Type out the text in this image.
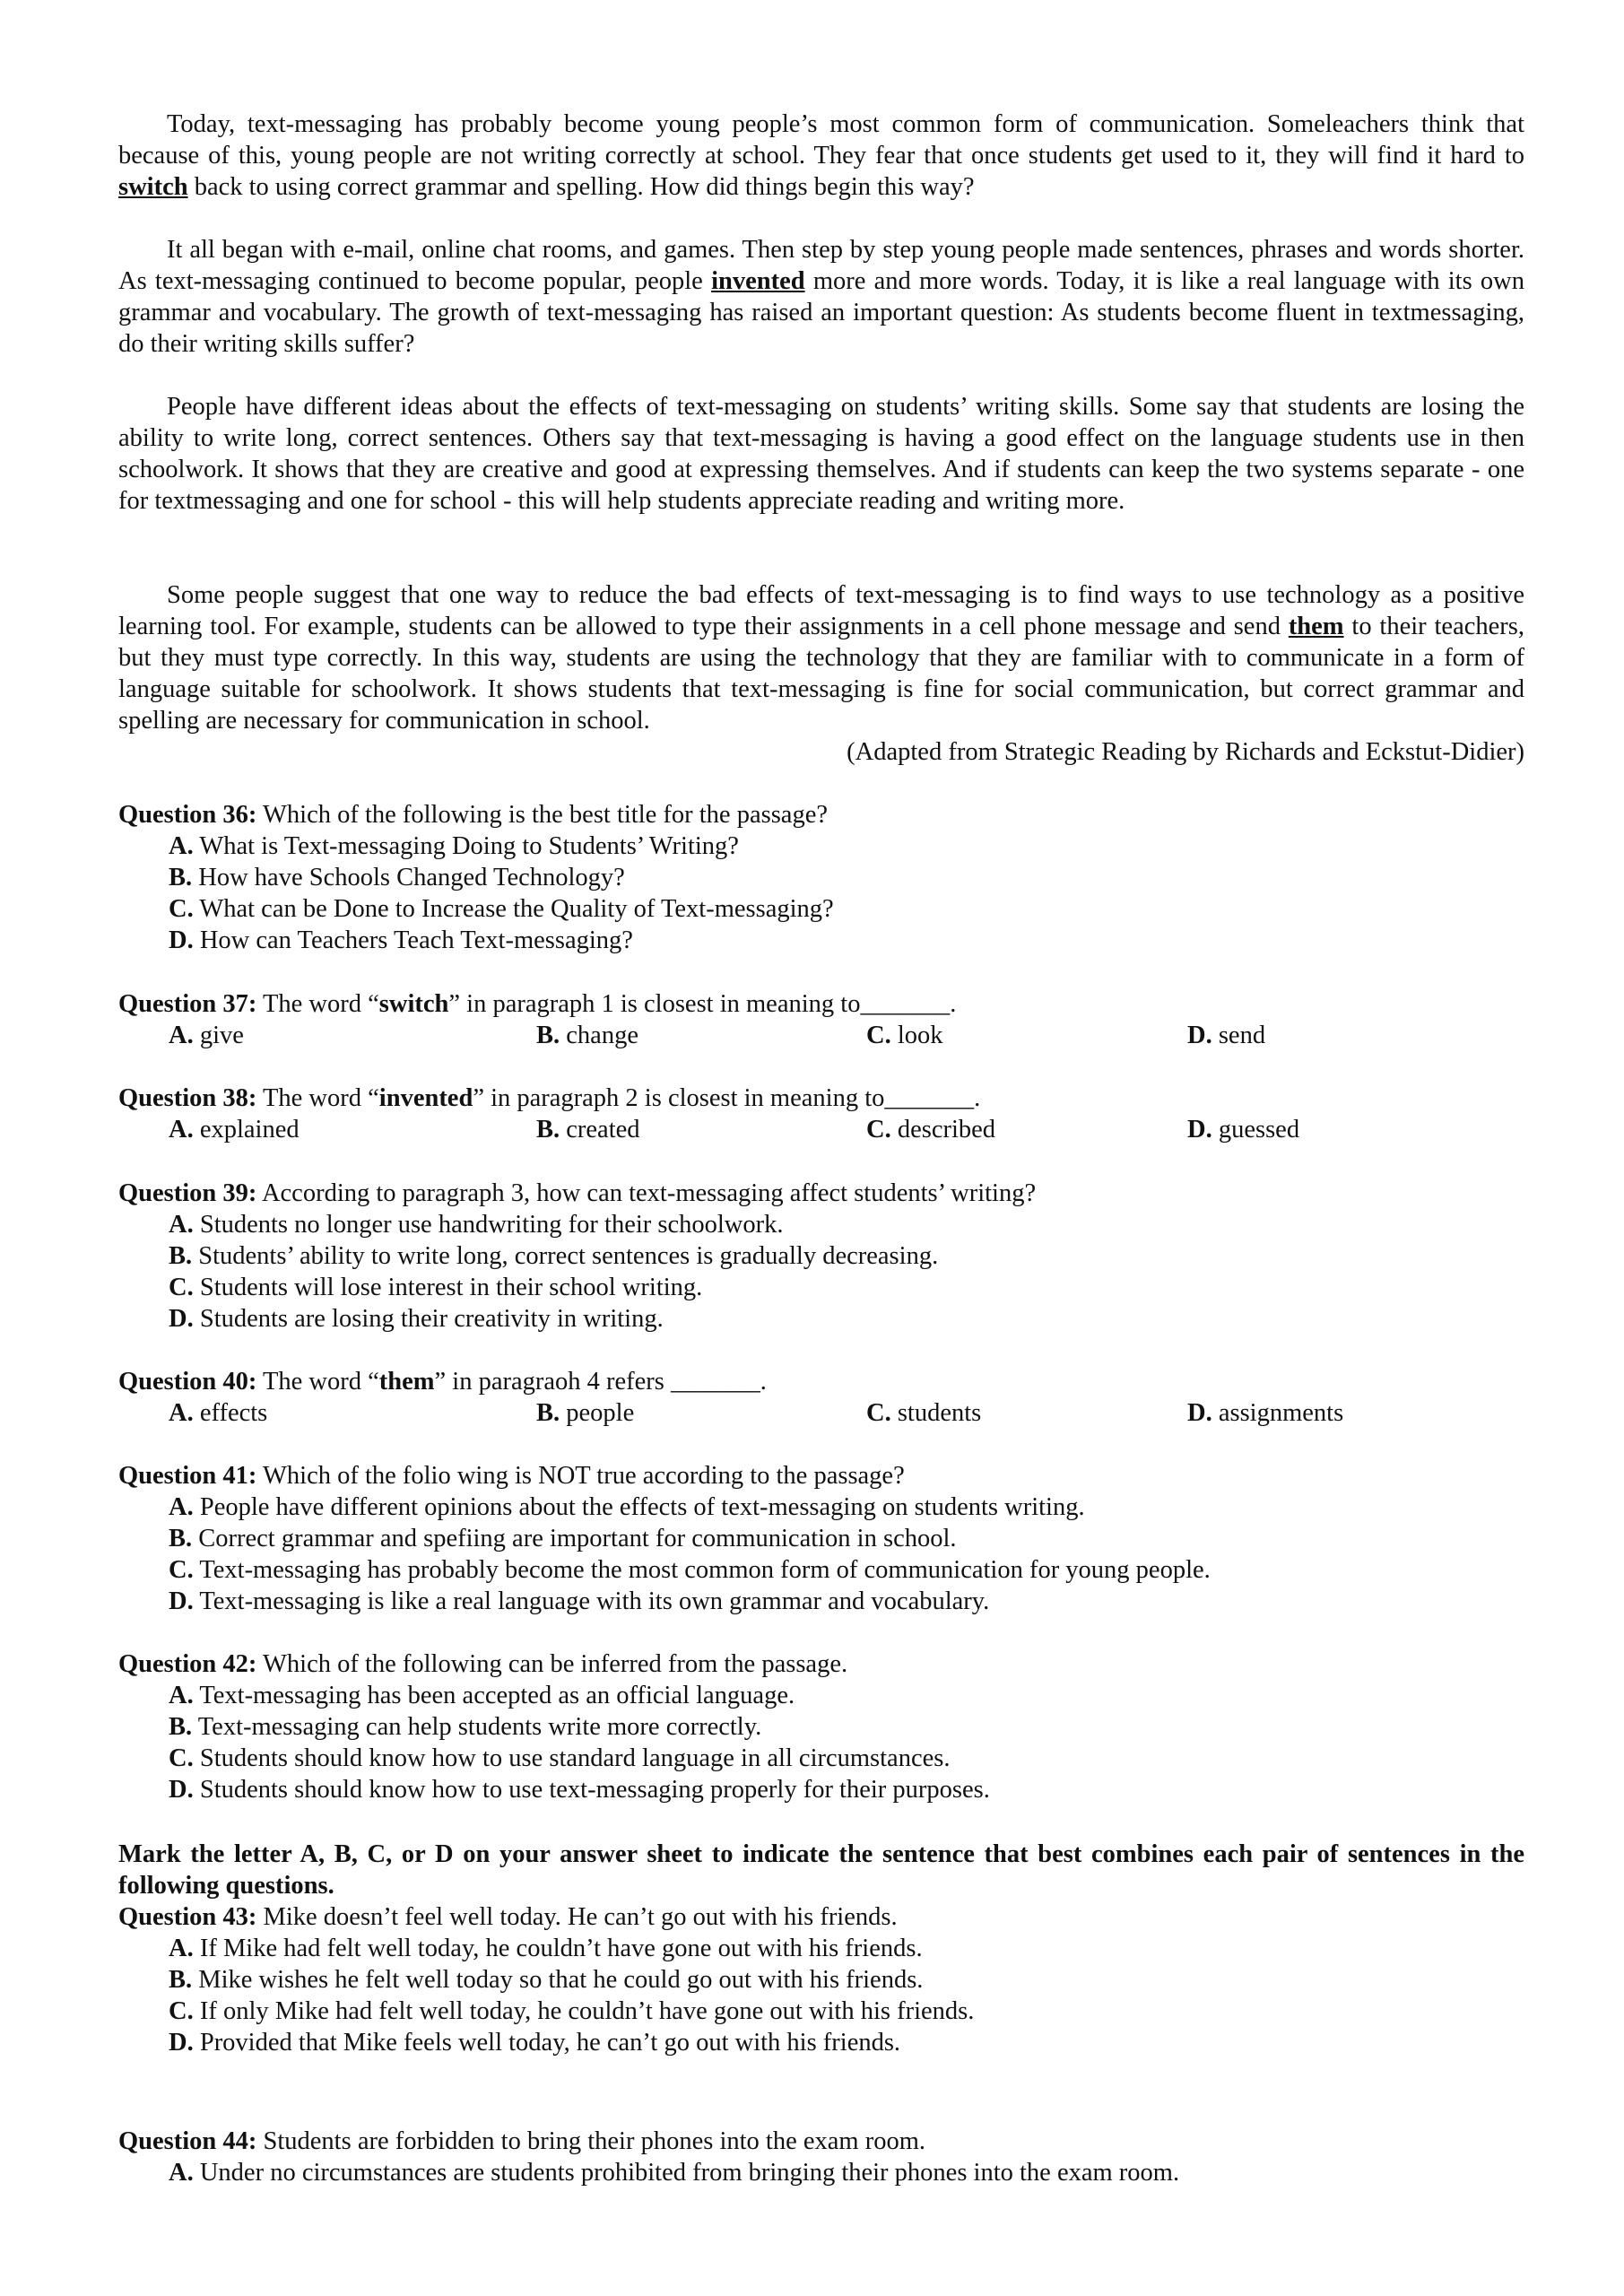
Today, text-messaging has probably become young people’s most common form of communication. Someleachers think that because of this, young people are not writing correctly at school. They fear that once students get used to it, they will find it hard to switch back to using correct grammar and spelling. How did things begin this way?

It all began with e-mail, online chat rooms, and games. Then step by step young people made sentences, phrases and words shorter. As text-messaging continued to become popular, people invented more and more words. Today, it is like a real language with its own grammar and vocabulary. The growth of text-messaging has raised an important question: As students become fluent in textmessaging, do their writing skills suffer?

People have different ideas about the effects of text-messaging on students’ writing skills. Some say that students are losing the ability to write long, correct sentences. Others say that text-messaging is having a good effect on the language students use in then schoolwork. It shows that they are creative and good at expressing themselves. And if students can keep the two systems separate - one for textmessaging and one for school - this will help students appreciate reading and writing more.

Some people suggest that one way to reduce the bad effects of text-messaging is to find ways to use technology as a positive learning tool. For example, students can be allowed to type their assignments in a cell phone message and send them to their teachers, but they must type correctly. In this way, students are using the technology that they are familiar with to communicate in a form of language suitable for schoolwork. It shows students that text-messaging is fine for social communication, but correct grammar and spelling are necessary for communication in school.

(Adapted from Strategic Reading by Richards and Eckstut-Didier)

Question 36: Which of the following is the best title for the passage?

A. What is Text-messaging Doing to Students’ Writing?

B. How have Schools Changed Technology?

C. What can be Done to Increase the Quality of Text-messaging?

D. How can Teachers Teach Text-messaging?

Question 37: The word “switch” in paragraph 1 is closest in meaning to_______.

A. give	B. change	C. look	D. send

Question 38: The word “invented” in paragraph 2 is closest in meaning to_______.

A. explained	B. created	C. described	D. guessed

Question 39: According to paragraph 3, how can text-messaging affect students’ writing?

A. Students no longer use handwriting for their schoolwork.

B. Students’ ability to write long, correct sentences is gradually decreasing.

C. Students will lose interest in their school writing.

D. Students are losing their creativity in writing.

Question 40: The word “them” in paragraoh 4 refers _______.

A. effects	B. people	C. students	D. assignments

Question 41: Which of the folio wing is NOT true according to the passage?

A. People have different opinions about the effects of text-messaging on students writing.

B. Correct grammar and spefiing are important for communication in school.

C. Text-messaging has probably become the most common form of communication for young people.

D. Text-messaging is like a real language with its own grammar and vocabulary.

Question 42: Which of the following can be inferred from the passage.

A. Text-messaging has been accepted as an official language.

B. Text-messaging can help students write more correctly.

C. Students should know how to use standard language in all circumstances.

D. Students should know how to use text-messaging properly for their purposes.

Mark the letter A, B, C, or D on your answer sheet to indicate the sentence that best combines each pair of sentences in the following questions.

Question 43: Mike doesn’t feel well today. He can’t go out with his friends.

A. If Mike had felt well today, he couldn’t have gone out with his friends.

B. Mike wishes he felt well today so that he could go out with his friends.

C. If only Mike had felt well today, he couldn’t have gone out with his friends.

D. Provided that Mike feels well today, he can’t go out with his friends.

Question 44: Students are forbidden to bring their phones into the exam room.

A. Under no circumstances are students prohibited from bringing their phones into the exam room.
